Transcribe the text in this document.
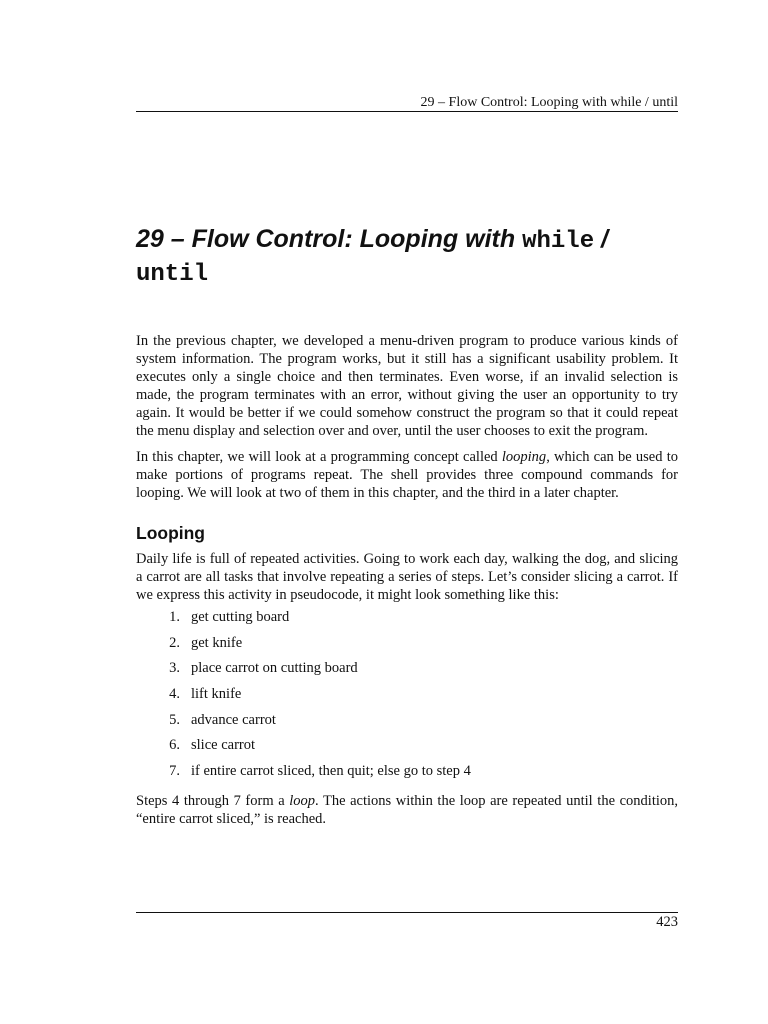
29 – Flow Control: Looping with while / until
29 – Flow Control: Looping with while /
until

In the previous chapter, we developed a menu-driven program to produce various kinds of system information. The program works, but it still has a significant usability problem. It executes only a single choice and then terminates. Even worse, if an invalid selection is made, the program terminates with an error, without giving the user an opportunity to try again. It would be better if we could somehow construct the program so that it could repeat the menu display and selection over and over, until the user chooses to exit the program.

In this chapter, we will look at a programming concept called looping, which can be used to make portions of programs repeat. The shell provides three compound commands for looping. We will look at two of them in this chapter, and the third in a later chapter.

Looping

Daily life is full of repeated activities. Going to work each day, walking the dog, and slicing a carrot are all tasks that involve repeating a series of steps. Let’s consider slicing a carrot. If we express this activity in pseudocode, it might look something like this:

1. get cutting board
2. get knife
3. place carrot on cutting board
4. lift knife
5. advance carrot
6. slice carrot
7. if entire carrot sliced, then quit; else go to step 4

Steps 4 through 7 form a loop. The actions within the loop are repeated until the condition, “entire carrot sliced,” is reached.

423
